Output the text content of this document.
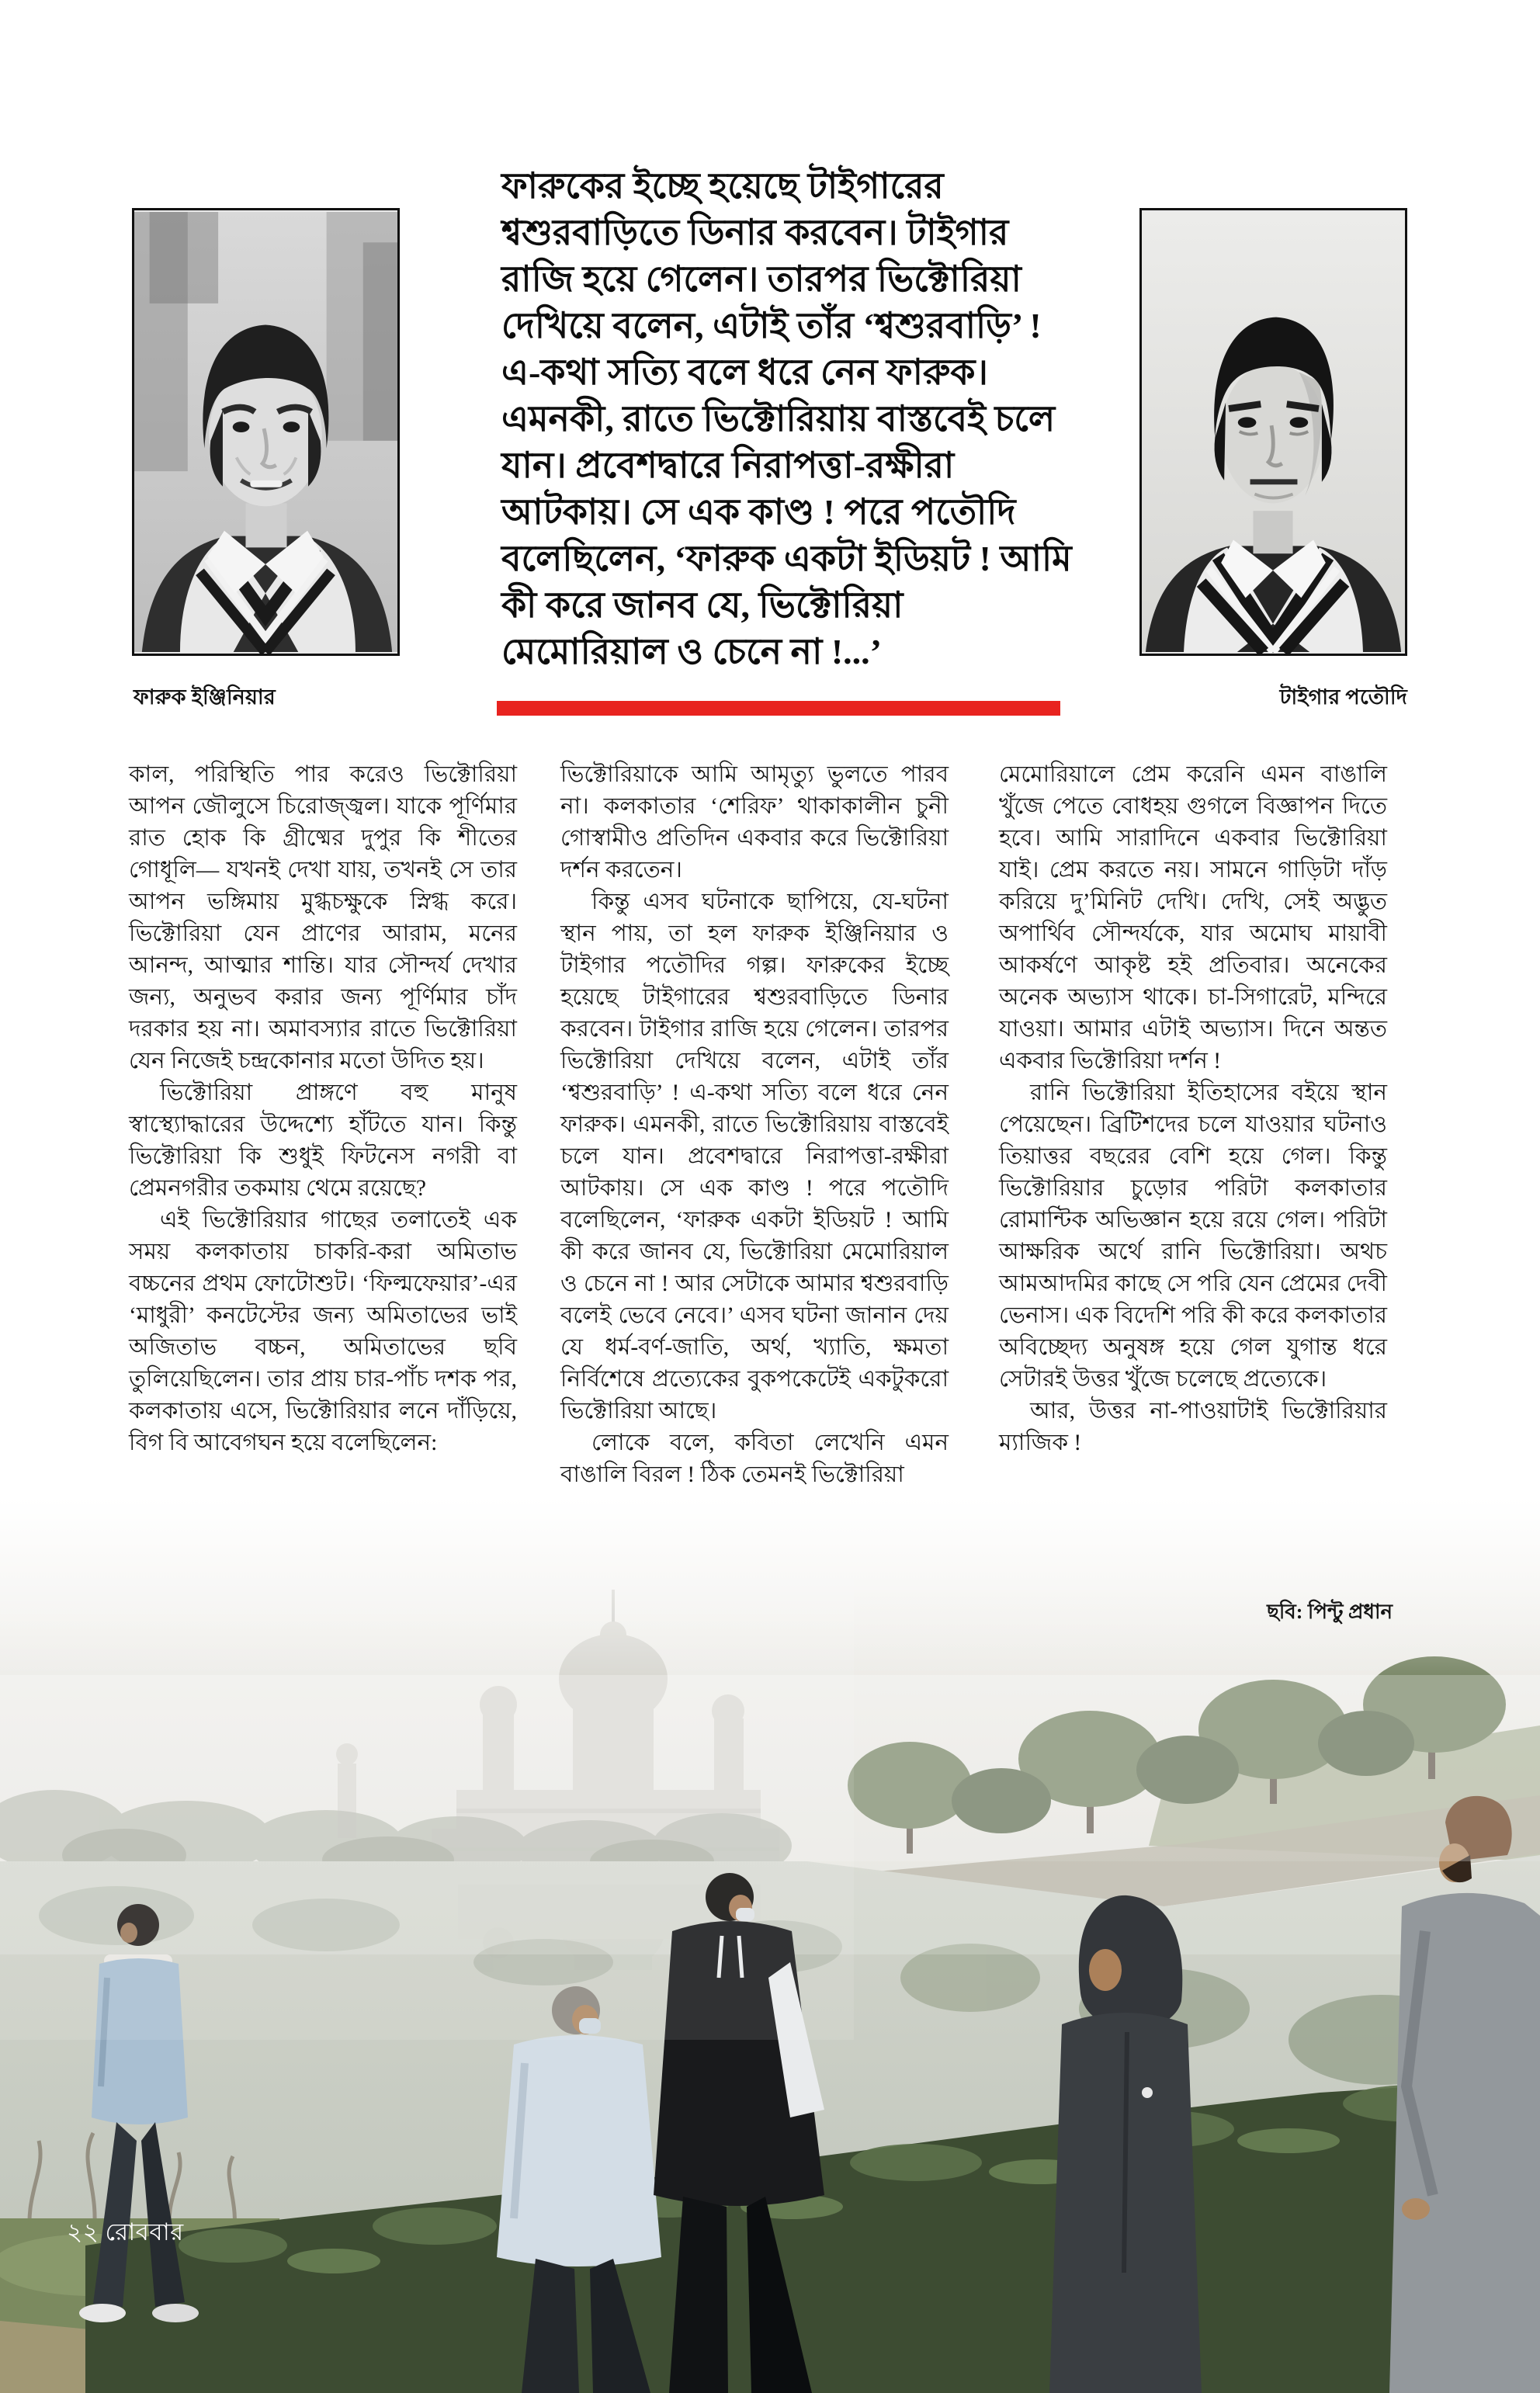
ফারুক ইঞ্জিনিয়ার	টাইগার পতৌদি
ফারুকের ইচ্ছে হয়েছে টাইগারের
শ্বশুরবাড়িতে ডিনার করবেন। টাইগার
রাজি হয়ে গেলেন। তারপর ভিক্টোরিয়া
দেখিয়ে বলেন, এটাই তাঁর ‘শ্বশুরবাড়ি’ !
এ-কথা সত্যি বলে ধরে নেন ফারুক।
এমনকী, রাতে ভিক্টোরিয়ায় বাস্তবেই চলে
যান। প্রবেশদ্বারে নিরাপত্তা-রক্ষীরা
আটকায়। সে এক কাণ্ড ! পরে পতৌদি
বলেছিলেন, ‘ফারুক একটা ইডিয়ট ! আমি
কী করে জানব যে, ভিক্টোরিয়া
মেমোরিয়াল ও চেনে না !...’

কাল, পরিস্থিতি পার করেও ভিক্টোরিয়া আপন জৌলুসে চিরোজ্জ্বল। যাকে পূর্ণিমার রাত হোক কি গ্রীষ্মের দুপুর কি শীতের গোধূলি— যখনই দেখা যায়, তখনই সে তার আপন ভঙ্গিমায় মুগ্ধচক্ষুকে স্নিগ্ধ করে। ভিক্টোরিয়া যেন প্রাণের আরাম, মনের আনন্দ, আত্মার শান্তি। যার সৌন্দর্য দেখার জন্য, অনুভব করার জন্য পূর্ণিমার চাঁদ দরকার হয় না। অমাবস্যার রাতে ভিক্টোরিয়া যেন নিজেই চন্দ্রকোনার মতো উদিত হয়।

ভিক্টোরিয়া প্রাঙ্গণে বহু মানুষ স্বাস্থ্যোদ্ধারের উদ্দেশ্যে হাঁটতে যান। কিন্তু ভিক্টোরিয়া কি শুধুই ফিটনেস নগরী বা প্রেমনগরীর তকমায় থেমে রয়েছে?

এই ভিক্টোরিয়ার গাছের তলাতেই এক সময় কলকাতায় চাকরি-করা অমিতাভ বচ্চনের প্রথম ফোটোশুট। ‘ফিল্মফেয়ার’-এর ‘মাধুরী’ কনটেস্টের জন্য অমিতাভের ভাই অজিতাভ বচ্চন, অমিতাভের ছবি তুলিয়েছিলেন। তার প্রায় চার-পাঁচ দশক পর, কলকাতায় এসে, ভিক্টোরিয়ার লনে দাঁড়িয়ে, বিগ বি আবেগঘন হয়ে বলেছিলেন:

ভিক্টোরিয়াকে আমি আমৃত্যু ভুলতে পারব না। কলকাতার ‘শেরিফ’ থাকাকালীন চুনী গোস্বামীও প্রতিদিন একবার করে ভিক্টোরিয়া দর্শন করতেন।

কিন্তু এসব ঘটনাকে ছাপিয়ে, যে-ঘটনা স্থান পায়, তা হল ফারুক ইঞ্জিনিয়ার ও টাইগার পতৌদির গল্প। ফারুকের ইচ্ছে হয়েছে টাইগারের শ্বশুরবাড়িতে ডিনার করবেন। টাইগার রাজি হয়ে গেলেন। তারপর ভিক্টোরিয়া দেখিয়ে বলেন, এটাই তাঁর ‘শ্বশুরবাড়ি’ ! এ-কথা সত্যি বলে ধরে নেন ফারুক। এমনকী, রাতে ভিক্টোরিয়ায় বাস্তবেই চলে যান। প্রবেশদ্বারে নিরাপত্তা-রক্ষীরা আটকায়। সে এক কাণ্ড ! পরে পতৌদি বলেছিলেন, ‘ফারুক একটা ইডিয়ট ! আমি কী করে জানব যে, ভিক্টোরিয়া মেমোরিয়াল ও চেনে না ! আর সেটাকে আমার শ্বশুরবাড়ি বলেই ভেবে নেবে।’ এসব ঘটনা জানান দেয় যে ধর্ম-বর্ণ-জাতি, অর্থ, খ্যাতি, ক্ষমতা নির্বিশেষে প্রত্যেকের বুকপকেটেই একটুকরো ভিক্টোরিয়া আছে।

লোকে বলে, কবিতা লেখেনি এমন বাঙালি বিরল ! ঠিক তেমনই ভিক্টোরিয়া

মেমোরিয়ালে প্রেম করেনি এমন বাঙালি খুঁজে পেতে বোধহয় গুগলে বিজ্ঞাপন দিতে হবে। আমি সারাদিনে একবার ভিক্টোরিয়া যাই। প্রেম করতে নয়। সামনে গাড়িটা দাঁড় করিয়ে দু’মিনিট দেখি। দেখি, সেই অদ্ভুত অপার্থিব সৌন্দর্যকে, যার অমোঘ মায়াবী আকর্ষণে আকৃষ্ট হই প্রতিবার। অনেকের অনেক অভ্যাস থাকে। চা-সিগারেট, মন্দিরে যাওয়া। আমার এটাই অভ্যাস। দিনে অন্তত একবার ভিক্টোরিয়া দর্শন !

রানি ভিক্টোরিয়া ইতিহাসের বইয়ে স্থান পেয়েছেন। ব্রিটিশদের চলে যাওয়ার ঘটনাও তিয়াত্তর বছরের বেশি হয়ে গেল। কিন্তু ভিক্টোরিয়ার চুড়োর পরিটা কলকাতার রোমান্টিক অভিজ্ঞান হয়ে রয়ে গেল। পরিটা আক্ষরিক অর্থে রানি ভিক্টোরিয়া। অথচ আমআদমির কাছে সে পরি যেন প্রেমের দেবী ভেনাস। এক বিদেশি পরি কী করে কলকাতার অবিচ্ছেদ্য অনুষঙ্গ হয়ে গেল যুগান্ত ধরে সেটারই উত্তর খুঁজে চলেছে প্রত্যেকে।

আর, উত্তর না-পাওয়াটাই ভিক্টোরিয়ার ম্যাজিক !

ছবি: পিন্টু প্রধান
২২ রোববার
